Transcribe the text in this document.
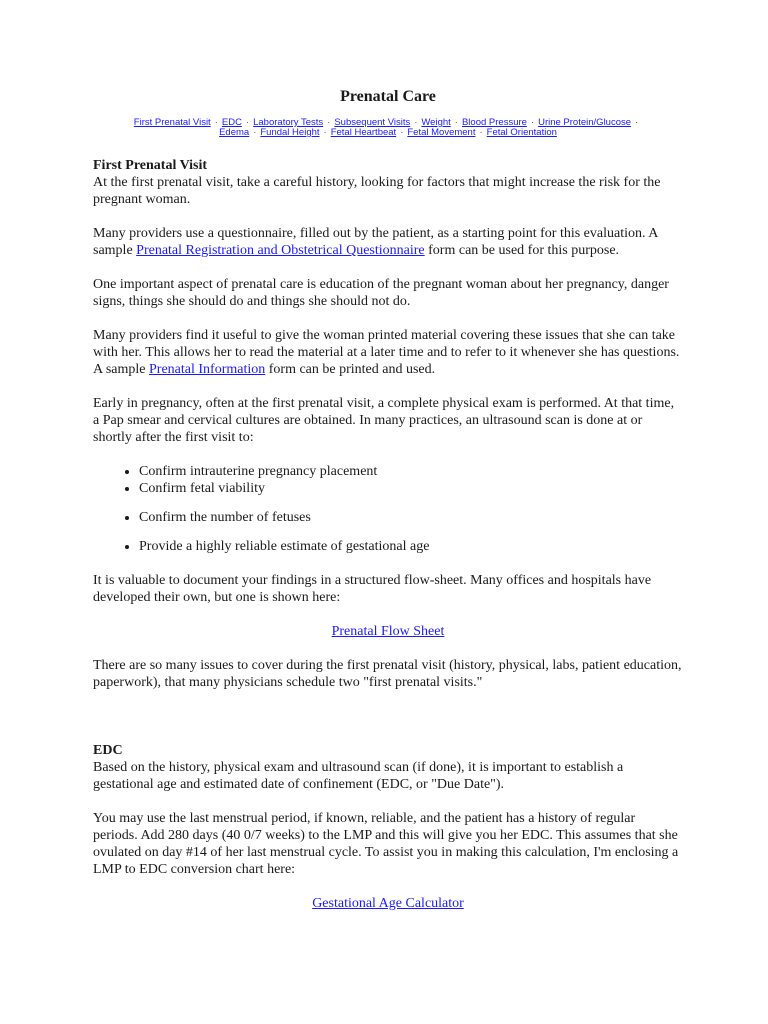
Prenatal Care
First Prenatal Visit · EDC · Laboratory Tests · Subsequent Visits · Weight · Blood Pressure · Urine Protein/Glucose ·
Edema · Fundal Height · Fetal Heartbeat · Fetal Movement · Fetal Orientation
First Prenatal Visit

At the first prenatal visit, take a careful history, looking for factors that might increase the risk for the pregnant woman.

Many providers use a questionnaire, filled out by the patient, as a starting point for this evaluation. A sample Prenatal Registration and Obstetrical Questionnaire form can be used for this purpose.

One important aspect of prenatal care is education of the pregnant woman about her pregnancy, danger signs, things she should do and things she should not do.

Many providers find it useful to give the woman printed material covering these issues that she can take with her. This allows her to read the material at a later time and to refer to it whenever she has questions. A sample Prenatal Information form can be printed and used.

Early in pregnancy, often at the first prenatal visit, a complete physical exam is performed. At that time, a Pap smear and cervical cultures are obtained. In many practices, an ultrasound scan is done at or shortly after the first visit to:

• Confirm intrauterine pregnancy placement
• Confirm fetal viability
• Confirm the number of fetuses
• Provide a highly reliable estimate of gestational age

It is valuable to document your findings in a structured flow-sheet. Many offices and hospitals have developed their own, but one is shown here:

Prenatal Flow Sheet

There are so many issues to cover during the first prenatal visit (history, physical, labs, patient education, paperwork), that many physicians schedule two "first prenatal visits."

EDC

Based on the history, physical exam and ultrasound scan (if done), it is important to establish a gestational age and estimated date of confinement (EDC, or "Due Date").

You may use the last menstrual period, if known, reliable, and the patient has a history of regular periods. Add 280 days (40 0/7 weeks) to the LMP and this will give you her EDC. This assumes that she ovulated on day #14 of her last menstrual cycle. To assist you in making this calculation, I'm enclosing a LMP to EDC conversion chart here:

Gestational Age Calculator
